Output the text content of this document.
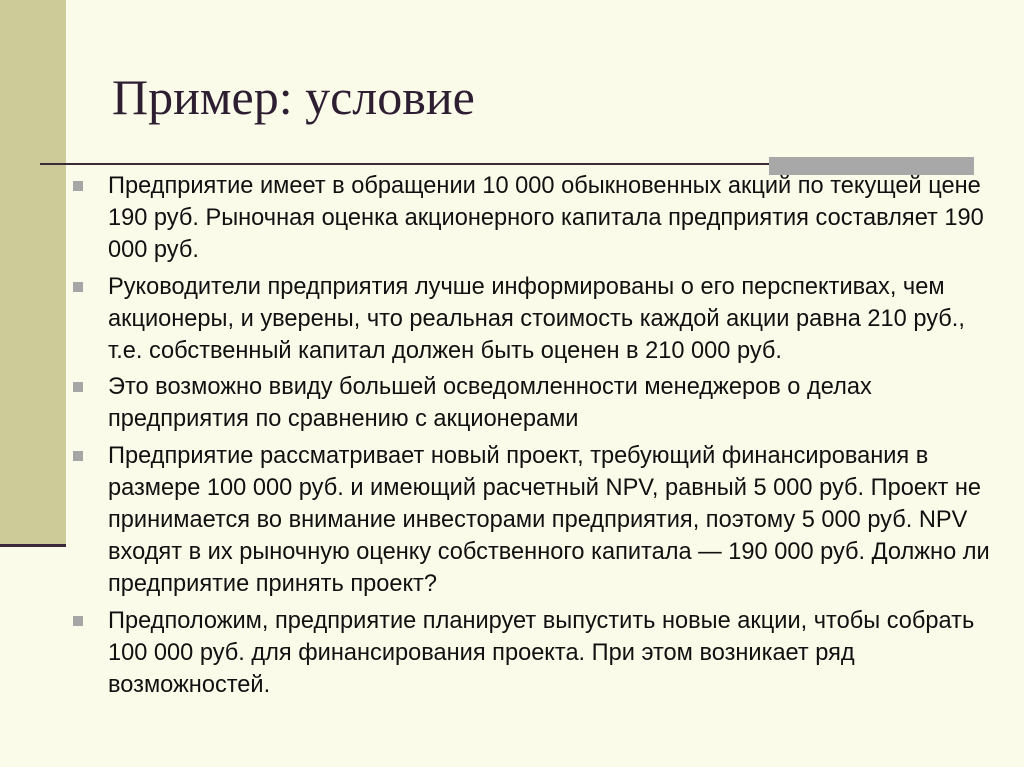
Пример: условие
Предприятие имеет в обращении 10 000 обыкновенных акций по текущей цене 190 руб. Рыночная оценка акционерного капитала предприятия составляет 190 000 руб.
Руководители предприятия лучше информированы о его перспективах, чем акционеры, и уверены, что реальная стоимость каждой акции равна 210 руб., т.е. собственный капитал должен быть оценен в 210 000 руб.
Это возможно ввиду большей осведомленности менеджеров о делах предприятия по сравнению с акционерами
Предприятие рассматривает новый проект, требующий финансирования в размере 100 000 руб. и имеющий расчетный NPV, равный 5 000 руб. Проект не принимается во внимание инвесторами предприятия, поэтому 5 000 руб. NPV входят в их рыночную оценку собственного капитала — 190 000 руб. Должно ли предприятие принять проект?
Предположим, предприятие планирует выпустить новые акции, чтобы собрать 100 000 руб. для финансирования проекта. При этом возникает ряд возможностей.
